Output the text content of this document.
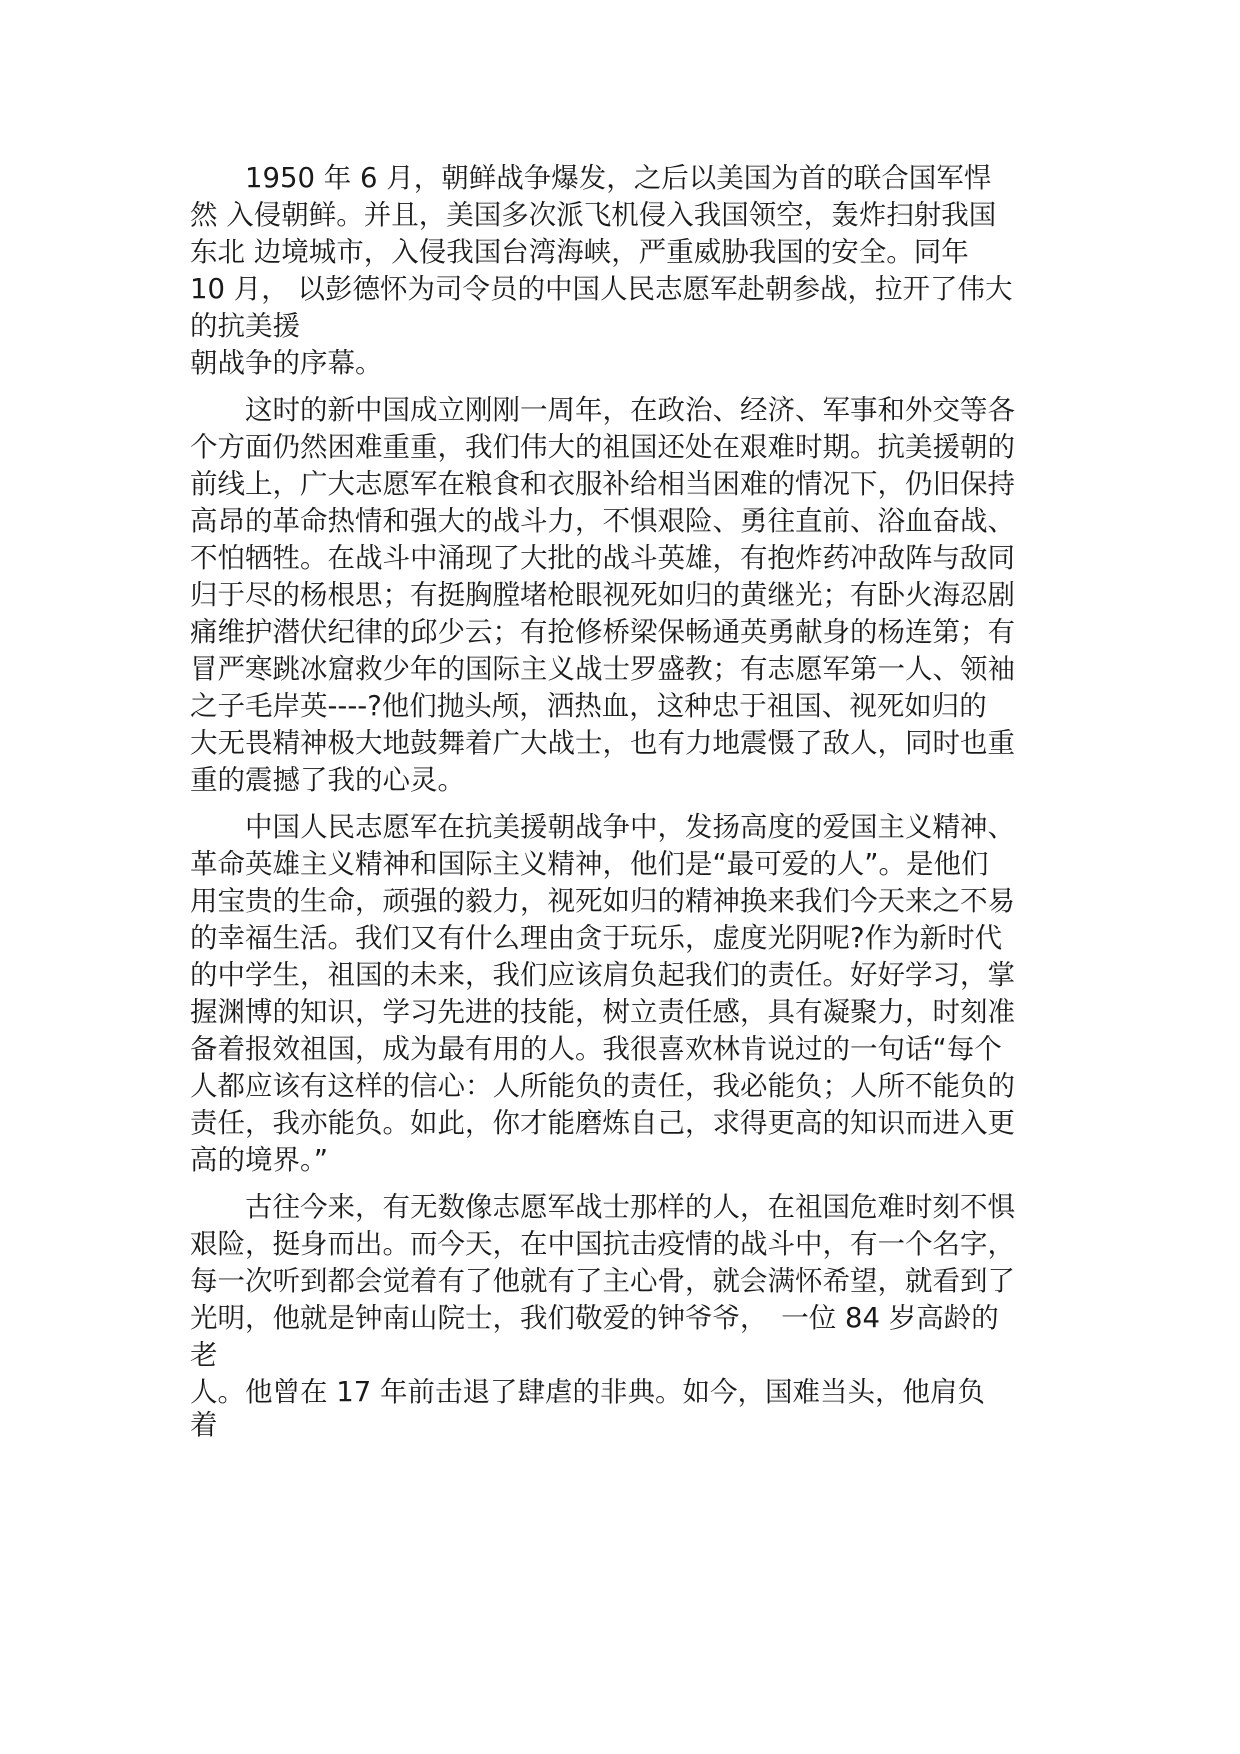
　　1950 年 6 月，朝鲜战争爆发，之后以美国为首的联合国军悍
然 入侵朝鲜。并且，美国多次派飞机侵入我国领空，轰炸扫射我国
东北 边境城市，入侵我国台湾海峡，严重威胁我国的安全。同年
10 月， 以彭德怀为司令员的中国人民志愿军赴朝参战，拉开了伟大
的抗美援
朝战争的序幕。

　　这时的新中国成立刚刚一周年，在政治、经济、军事和外交等各
个方面仍然困难重重，我们伟大的祖国还处在艰难时期。抗美援朝的
前线上，广大志愿军在粮食和衣服补给相当困难的情况下，仍旧保持
高昂的革命热情和强大的战斗力，不惧艰险、勇往直前、浴血奋战、
不怕牺牲。在战斗中涌现了大批的战斗英雄，有抱炸药冲敌阵与敌同
归于尽的杨根思；有挺胸膛堵枪眼视死如归的黄继光；有卧火海忍剧
痛维护潜伏纪律的邱少云；有抢修桥梁保畅通英勇献身的杨连第；有
冒严寒跳冰窟救少年的国际主义战士罗盛教；有志愿军第一人、领袖
之子毛岸英----?他们抛头颅，洒热血，这种忠于祖国、视死如归的
大无畏精神极大地鼓舞着广大战士，也有力地震慑了敌人，同时也重
重的震撼了我的心灵。

　　中国人民志愿军在抗美援朝战争中，发扬高度的爱国主义精神、
革命英雄主义精神和国际主义精神，他们是“最可爱的人”。是他们
用宝贵的生命，顽强的毅力，视死如归的精神换来我们今天来之不易
的幸福生活。我们又有什么理由贪于玩乐，虚度光阴呢?作为新时代
的中学生，祖国的未来，我们应该肩负起我们的责任。好好学习，掌
握渊博的知识，学习先进的技能，树立责任感，具有凝聚力，时刻准
备着报效祖国，成为最有用的人。我很喜欢林肯说过的一句话“每个
人都应该有这样的信心：人所能负的责任，我必能负；人所不能负的
责任，我亦能负。如此，你才能磨炼自己，求得更高的知识而进入更
高的境界。”

　　古往今来，有无数像志愿军战士那样的人，在祖国危难时刻不惧
艰险，挺身而出。而今天，在中国抗击疫情的战斗中，有一个名字，
每一次听到都会觉着有了他就有了主心骨，就会满怀希望，就看到了
光明，他就是钟南山院士，我们敬爱的钟爷爷，　一位 84 岁高龄的
老
人。他曾在 17 年前击退了肆虐的非典。如今，国难当头，他肩负
着
